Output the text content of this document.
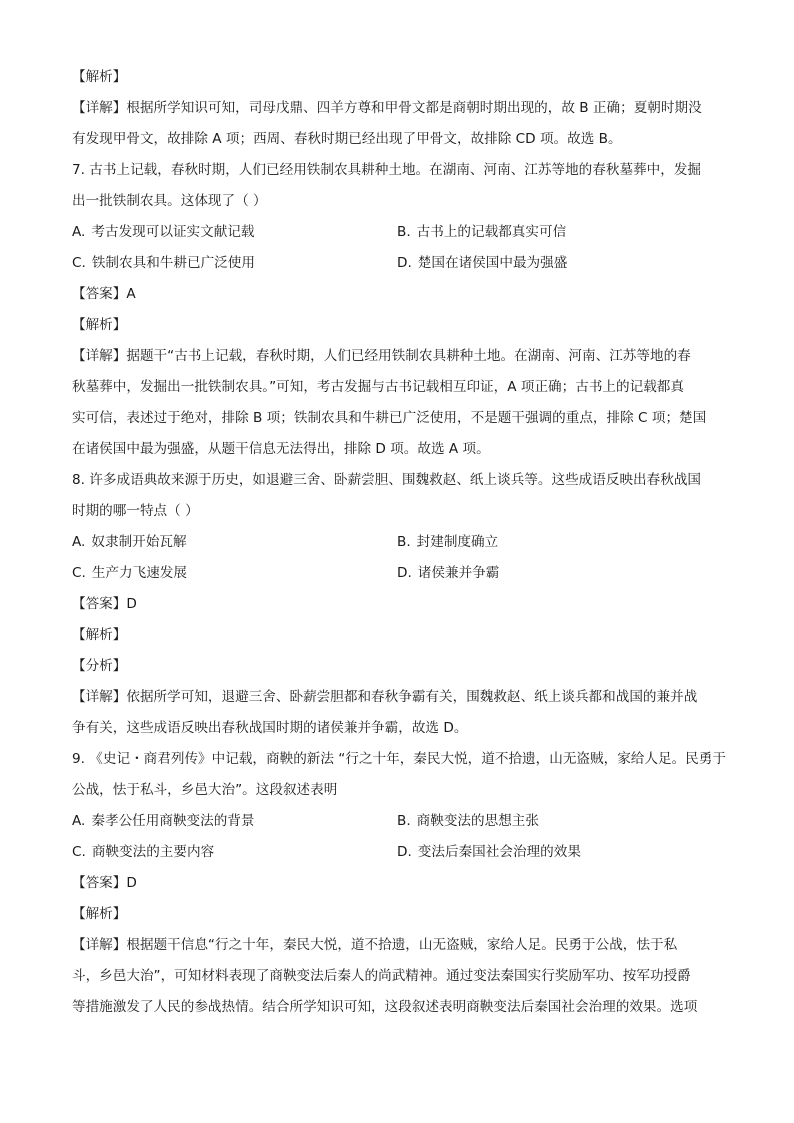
【解析】
【详解】根据所学知识可知，司母戊鼎、四羊方尊和甲骨文都是商朝时期出现的，故 B 正确；夏朝时期没
有发现甲骨文，故排除 A 项；西周、春秋时期已经出现了甲骨文，故排除 CD 项。故选 B。
7. 古书上记载，春秋时期，人们已经用铁制农具耕种土地。在湖南、河南、江苏等地的春秋墓葬中，发掘
出一批铁制农具。这体现了（ ）
A. 考古发现可以证实文献记载	B. 古书上的记载都真实可信
C. 铁制农具和牛耕已广泛使用	D. 楚国在诸侯国中最为强盛
【答案】A
【解析】
【详解】据题干“古书上记载，春秋时期，人们已经用铁制农具耕种土地。在湖南、河南、江苏等地的春
秋墓葬中，发掘出一批铁制农具。”可知，考古发掘与古书记载相互印证，A 项正确；古书上的记载都真
实可信，表述过于绝对，排除 B 项；铁制农具和牛耕已广泛使用，不是题干强调的重点，排除 C 项；楚国
在诸侯国中最为强盛，从题干信息无法得出，排除 D 项。故选 A 项。
8. 许多成语典故来源于历史，如退避三舍、卧薪尝胆、围魏救赵、纸上谈兵等。这些成语反映出春秋战国
时期的哪一特点（ ）
A. 奴隶制开始瓦解	B. 封建制度确立
C. 生产力飞速发展	D. 诸侯兼并争霸
【答案】D
【解析】
【分析】
【详解】依据所学可知，退避三舍、卧薪尝胆都和春秋争霸有关，围魏救赵、纸上谈兵都和战国的兼并战
争有关，这些成语反映出春秋战国时期的诸侯兼并争霸，故选 D。
9. 《史记・商君列传》中记载，商鞅的新法 “行之十年，秦民大悦，道不拾遗，山无盗贼，家给人足。民勇于
公战，怯于私斗，乡邑大治”。这段叙述表明
A. 秦孝公任用商鞅变法的背景	B. 商鞅变法的思想主张
C. 商鞅变法的主要内容	D. 变法后秦国社会治理的效果
【答案】D
【解析】
【详解】根据题干信息“行之十年，秦民大悦，道不拾遗，山无盗贼，家给人足。民勇于公战，怯于私
斗，乡邑大治”，可知材料表现了商鞅变法后秦人的尚武精神。通过变法秦国实行奖励军功、按军功授爵
等措施激发了人民的参战热情。结合所学知识可知，这段叙述表明商鞅变法后秦国社会治理的效果。选项
